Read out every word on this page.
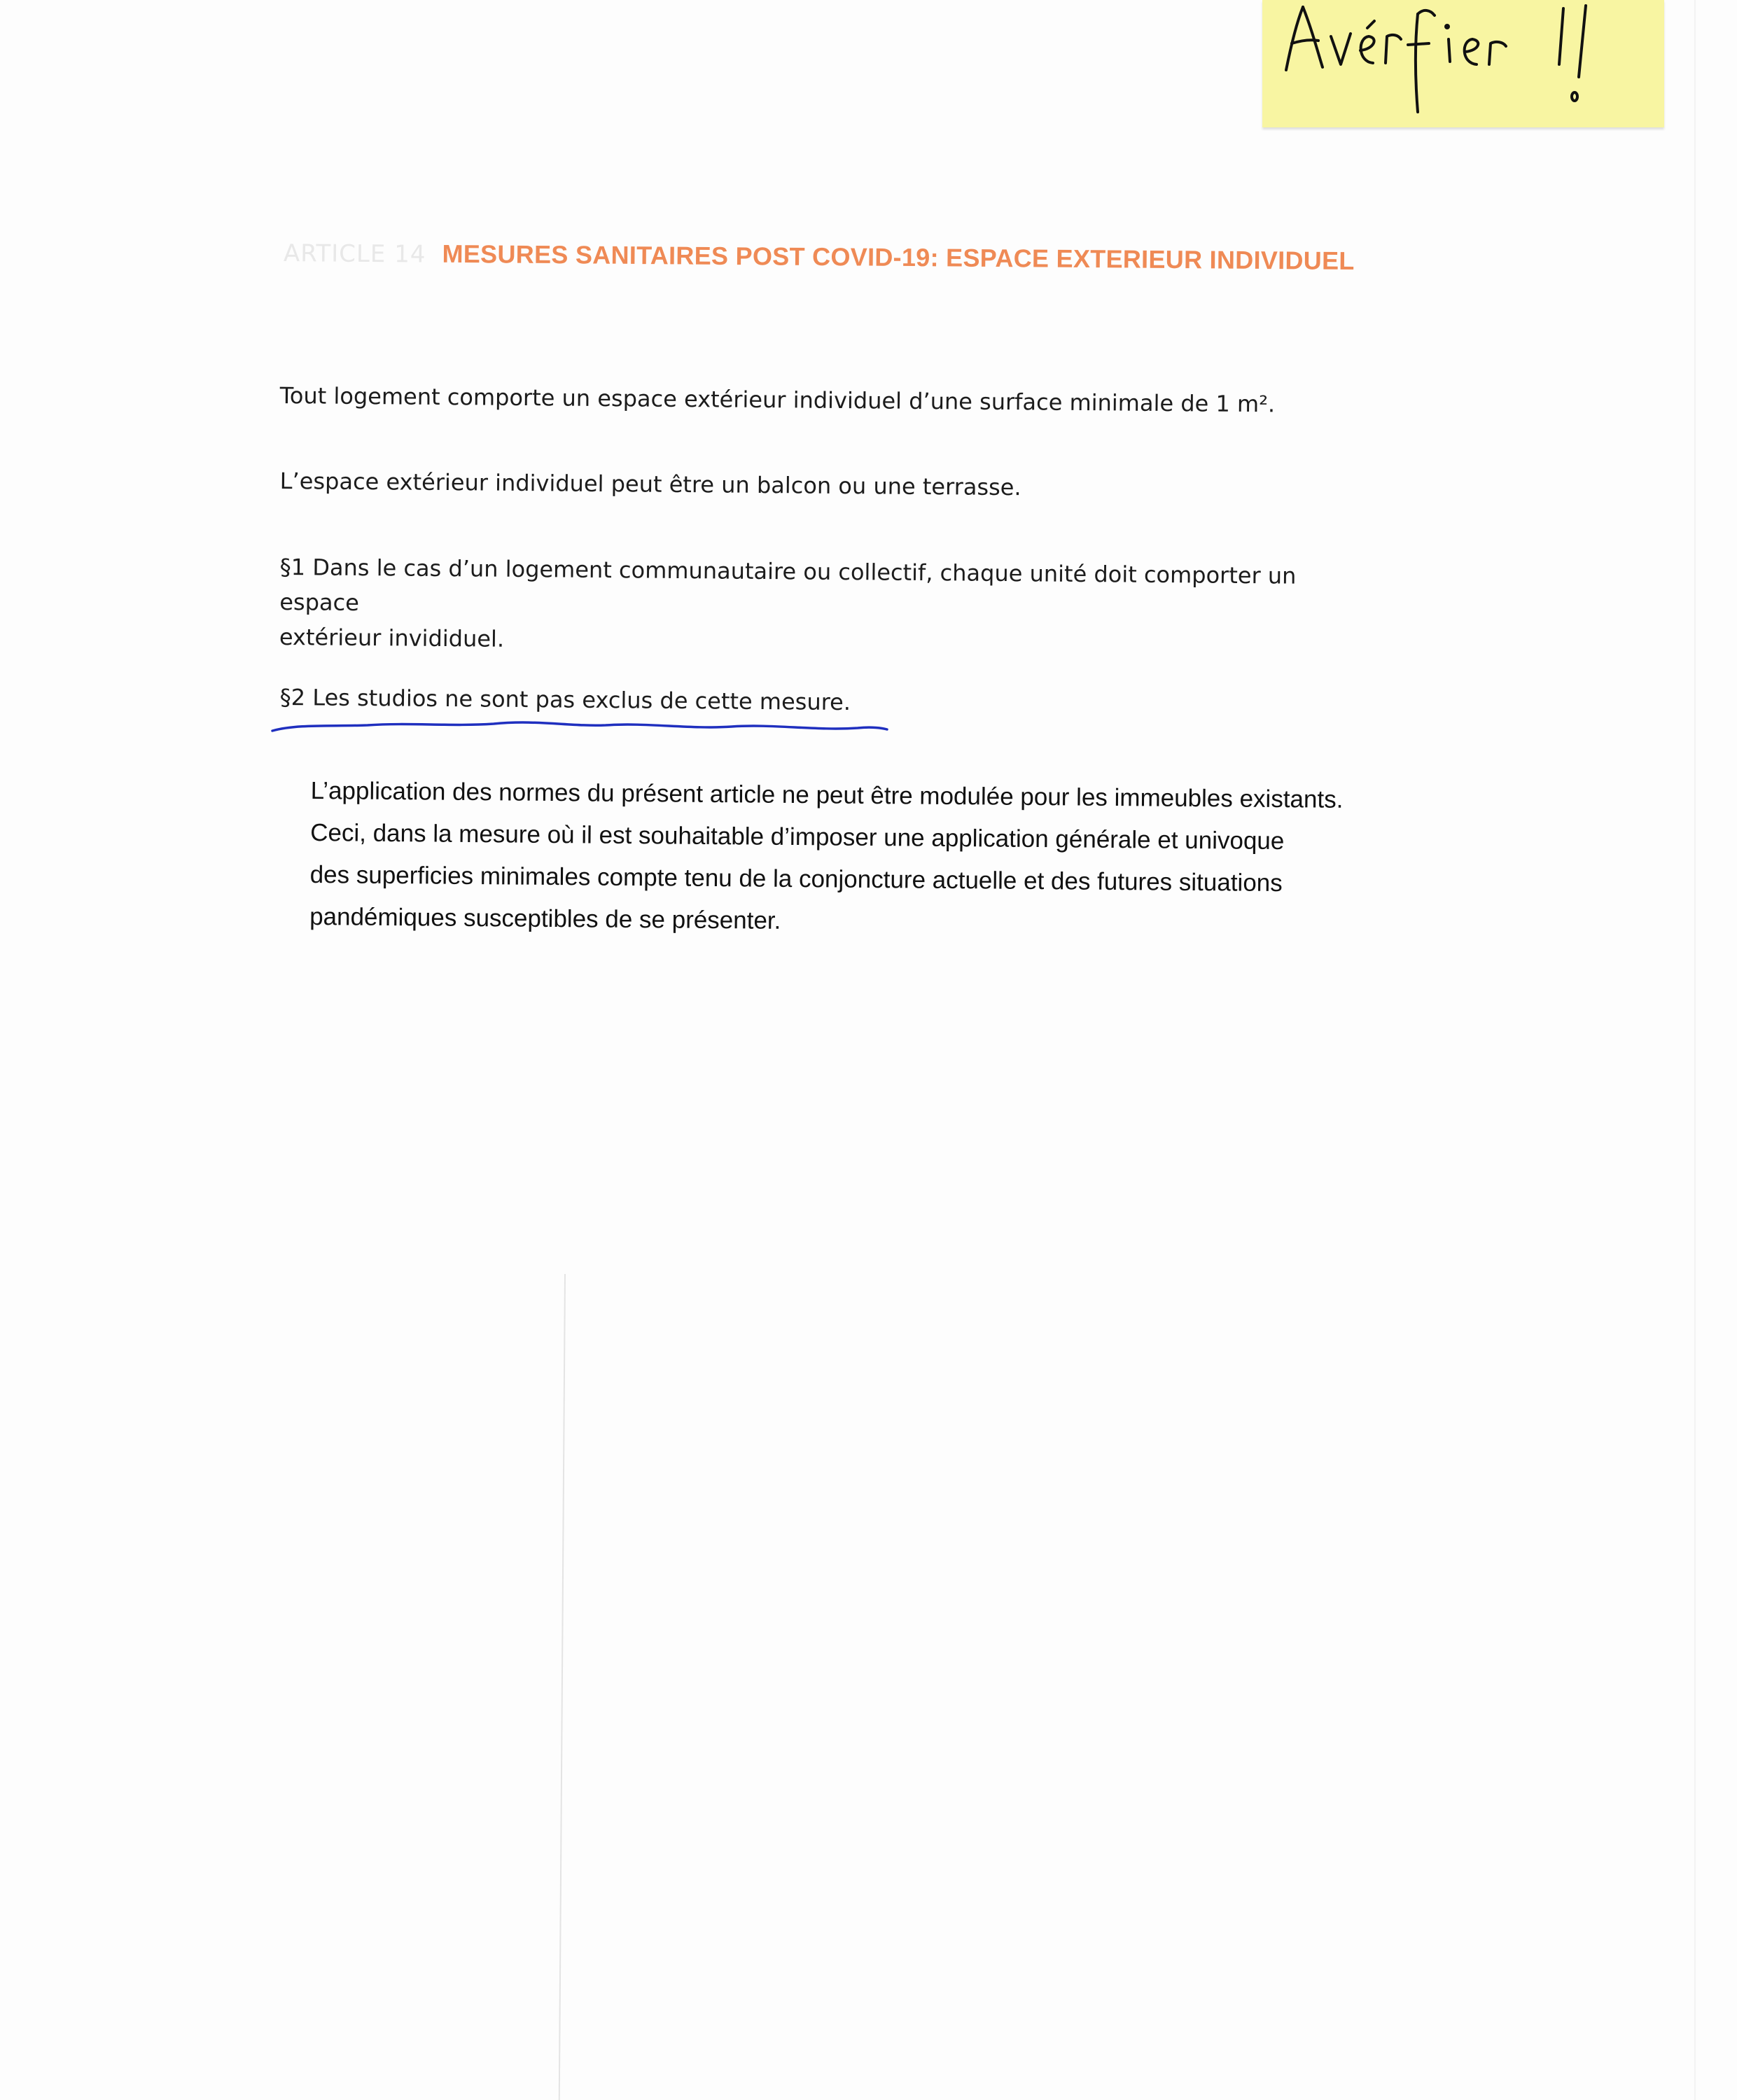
ARTICLE 14 MESURES SANITAIRES POST COVID-19: ESPACE EXTERIEUR INDIVIDUEL

Tout logement comporte un espace extérieur individuel d’une surface minimale de 1 m².

L’espace extérieur individuel peut être un balcon ou une terrasse.

§1 Dans le cas d’un logement communautaire ou collectif, chaque unité doit comporter un espace

extérieur invididuel.

§2 Les studios ne sont pas exclus de cette mesure.

L’application des normes du présent article ne peut être modulée pour les immeubles existants.

Ceci, dans la mesure où il est souhaitable d’imposer une application générale et univoque

des superficies minimales compte tenu de la conjoncture actuelle et des futures situations

pandémiques susceptibles de se présenter.
